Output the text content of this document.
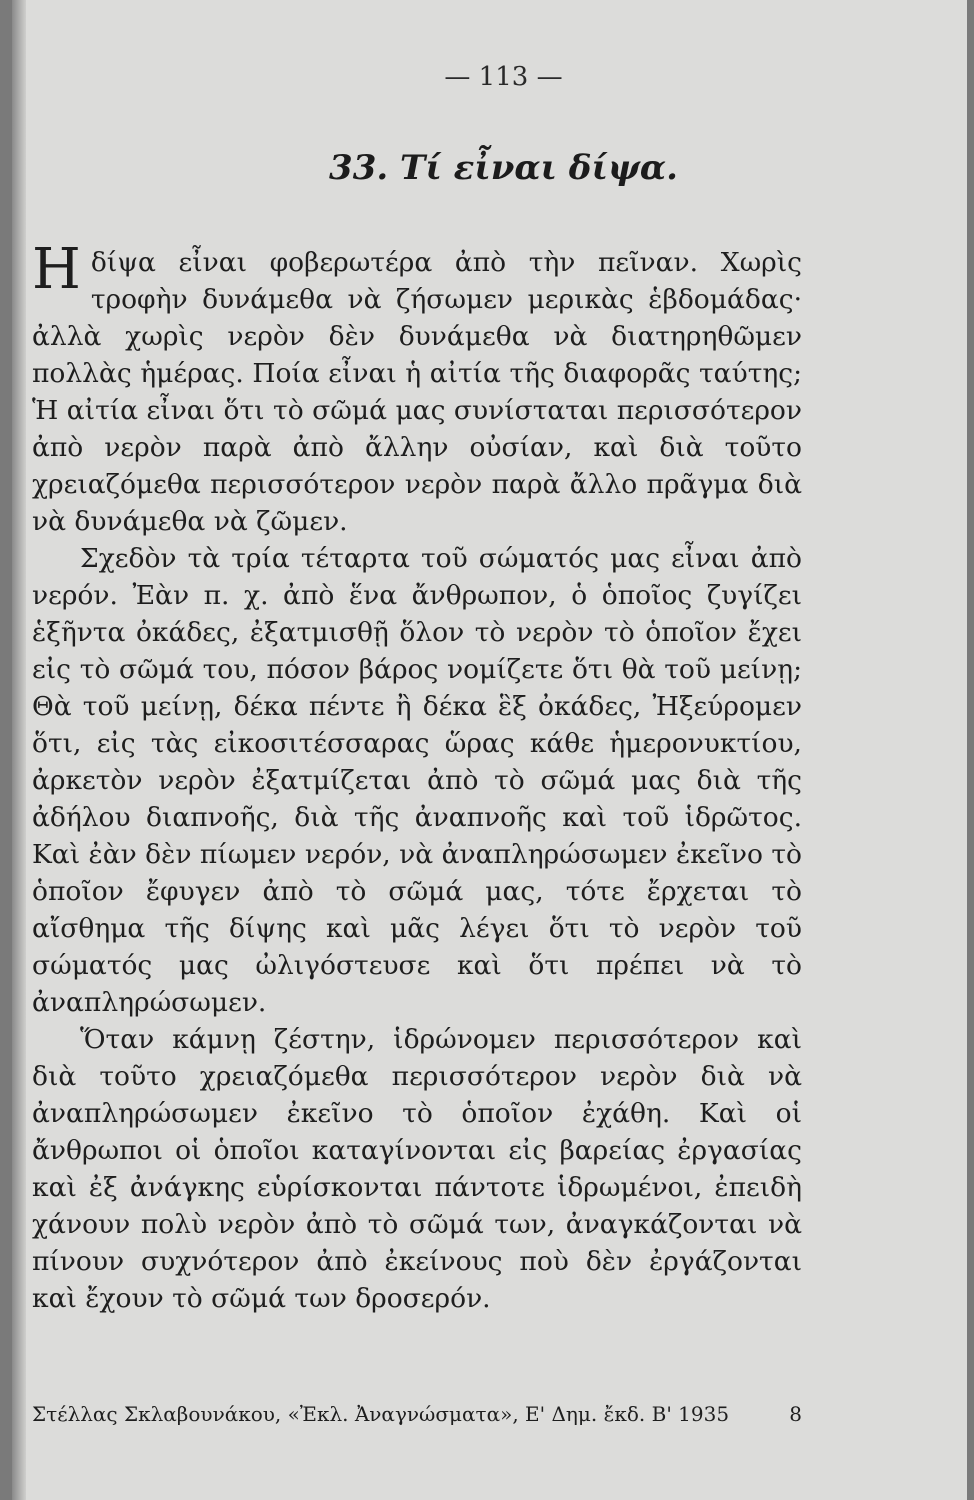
— 113 —
33. Τί εἶναι δίψα.

Η δίψα εἶναι φοβερωτέρα ἀπὸ τὴν πεῖναν. Χωρὶς τροφὴν δυνάμεθα νὰ ζήσωμεν μερικὰς ἑβδομάδας· ἀλλὰ χωρὶς νερὸν δὲν δυνάμεθα νὰ διατηρηθῶμεν πολλὰς ἡμέρας. Ποία εἶναι ἡ αἰτία τῆς διαφορᾶς ταύτης; Ἡ αἰτία εἶναι ὅτι τὸ σῶμά μας συνίσταται περισσότερον ἀπὸ νερὸν παρὰ ἀπὸ ἄλλην οὐσίαν, καὶ διὰ τοῦτο χρειαζόμεθα περισσότερον νερὸν παρὰ ἄλλο πρᾶγμα διὰ νὰ δυνάμεθα νὰ ζῶμεν.

Σχεδὸν τὰ τρία τέταρτα τοῦ σώματός μας εἶναι ἀπὸ νερόν. Ἐὰν π. χ. ἀπὸ ἕνα ἄνθρωπον, ὁ ὁποῖος ζυγίζει ἑξῆντα ὀκάδες, ἐξατμισθῇ ὅλον τὸ νερὸν τὸ ὁποῖον ἔχει εἰς τὸ σῶμά του, πόσον βάρος νομίζετε ὅτι θὰ τοῦ μείνῃ; Θὰ τοῦ μείνῃ, δέκα πέντε ἢ δέκα ἓξ ὀκάδες, Ἠξεύρομεν ὅτι, εἰς τὰς εἰκοσιτέσσαρας ὥρας κάθε ἡμερονυκτίου, ἀρκετὸν νερὸν ἐξατμίζεται ἀπὸ τὸ σῶμά μας διὰ τῆς ἀδήλου διαπνοῆς, διὰ τῆς ἀναπνοῆς καὶ τοῦ ἱδρῶτος. Καὶ ἐὰν δὲν πίωμεν νερόν, νὰ ἀναπληρώσωμεν ἐκεῖνο τὸ ὁποῖον ἔφυγεν ἀπὸ τὸ σῶμά μας, τότε ἔρχεται τὸ αἴσθημα τῆς δίψης καὶ μᾶς λέγει ὅτι τὸ νερὸν τοῦ σώματός μας ὠλιγόστευσε καὶ ὅτι πρέπει νὰ τὸ ἀναπληρώσωμεν.

Ὅταν κάμνῃ ζέστην, ἱδρώνομεν περισσότερον καὶ διὰ τοῦτο χρειαζόμεθα περισσότερον νερὸν διὰ νὰ ἀναπληρώσωμεν ἐκεῖνο τὸ ὁποῖον ἐχάθη. Καὶ οἱ ἄνθρωποι οἱ ὁποῖοι καταγίνονται εἰς βαρείας ἐργασίας καὶ ἐξ ἀνάγκης εὑρίσκονται πάντοτε ἱδρωμένοι, ἐπειδὴ χάνουν πολὺ νερὸν ἀπὸ τὸ σῶμά των, ἀναγκάζονται νὰ πίνουν συχνότερον ἀπὸ ἐκείνους ποὺ δὲν ἐργάζονται καὶ ἔχουν τὸ σῶμά των δροσερόν.

Στέλλας Σκλαβουνάκου, «Ἐκλ. Ἀναγνώσματα», Ε' Δημ. ἔκδ. Β' 1935	8
